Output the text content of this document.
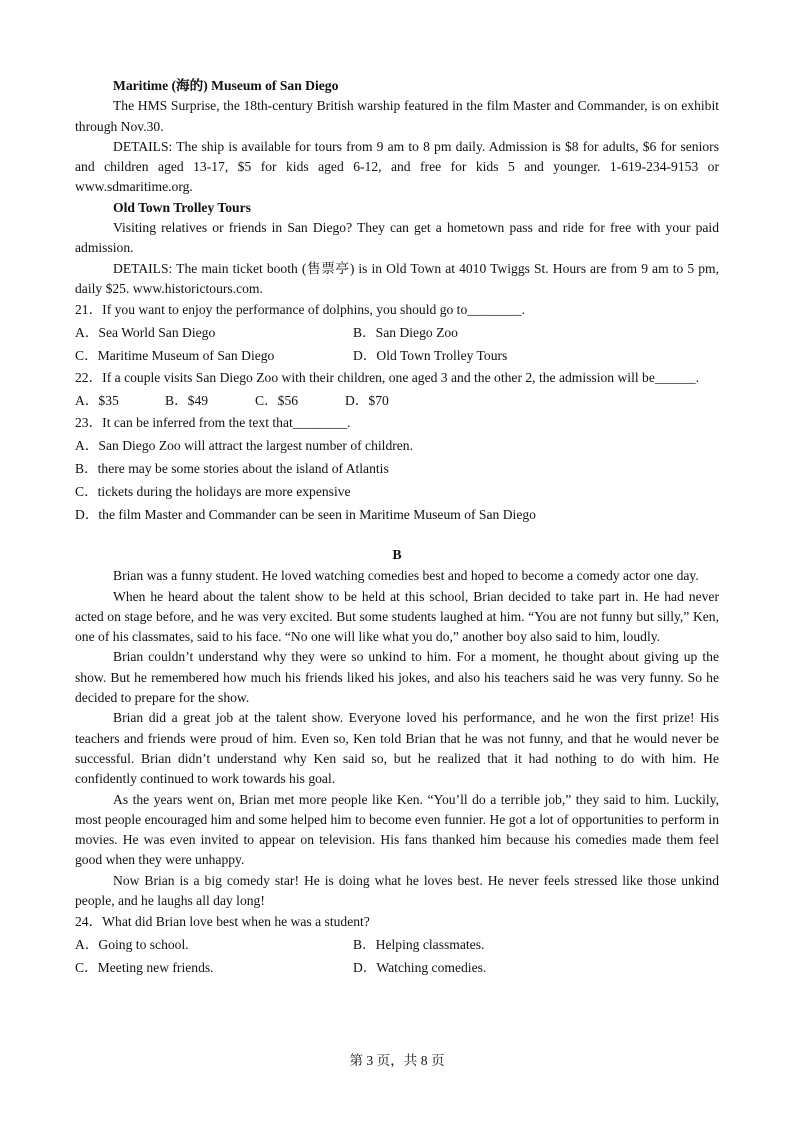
Maritime (海的) Museum of San Diego

The HMS Surprise, the 18th-century British warship featured in the film Master and Commander, is on exhibit through Nov.30.

DETAILS: The ship is available for tours from 9 am to 8 pm daily. Admission is $8 for adults, $6 for seniors and children aged 13-17, $5 for kids aged 6-12, and free for kids 5 and younger. 1-619-234-9153 or www.sdmaritime.org.

Old Town Trolley Tours

Visiting relatives or friends in San Diego? They can get a hometown pass and ride for free with your paid admission.

DETAILS: The main ticket booth (售票亭) is in Old Town at 4010 Twiggs St. Hours are from 9 am to 5 pm, daily $25. www.historictours.com.

21．If you want to enjoy the performance of dolphins, you should go to________.

A．Sea World San Diego	B．San Diego Zoo
C．Maritime Museum of San Diego	D．Old Town Trolley Tours

22．If a couple visits San Diego Zoo with their children, one aged 3 and the other 2, the admission will be______.

A．$35	B．$49	C．$56	D．$70

23．It can be inferred from the text that________.

A．San Diego Zoo will attract the largest number of children.

B．there may be some stories about the island of Atlantis

C．tickets during the holidays are more expensive

D．the film Master and Commander can be seen in Maritime Museum of San Diego

B

Brian was a funny student. He loved watching comedies best and hoped to become a comedy actor one day.

When he heard about the talent show to be held at this school, Brian decided to take part in. He had never acted on stage before, and he was very excited. But some students laughed at him. “You are not funny but silly,” Ken, one of his classmates, said to his face. “No one will like what you do,” another boy also said to him, loudly.

Brian couldn’t understand why they were so unkind to him. For a moment, he thought about giving up the show. But he remembered how much his friends liked his jokes, and also his teachers said he was very funny. So he decided to prepare for the show.

Brian did a great job at the talent show. Everyone loved his performance, and he won the first prize! His teachers and friends were proud of him. Even so, Ken told Brian that he was not funny, and that he would never be successful. Brian didn’t understand why Ken said so, but he realized that it had nothing to do with him. He confidently continued to work towards his goal.

As the years went on, Brian met more people like Ken. “You’ll do a terrible job,” they said to him. Luckily, most people encouraged him and some helped him to become even funnier. He got a lot of opportunities to perform in movies. He was even invited to appear on television. His fans thanked him because his comedies made them feel good when they were unhappy.

Now Brian is a big comedy star! He is doing what he loves best. He never feels stressed like those unkind people, and he laughs all day long!

24．What did Brian love best when he was a student?

A．Going to school.	B．Helping classmates.
C．Meeting new friends.	D．Watching comedies.
第 3 页，共 8 页
